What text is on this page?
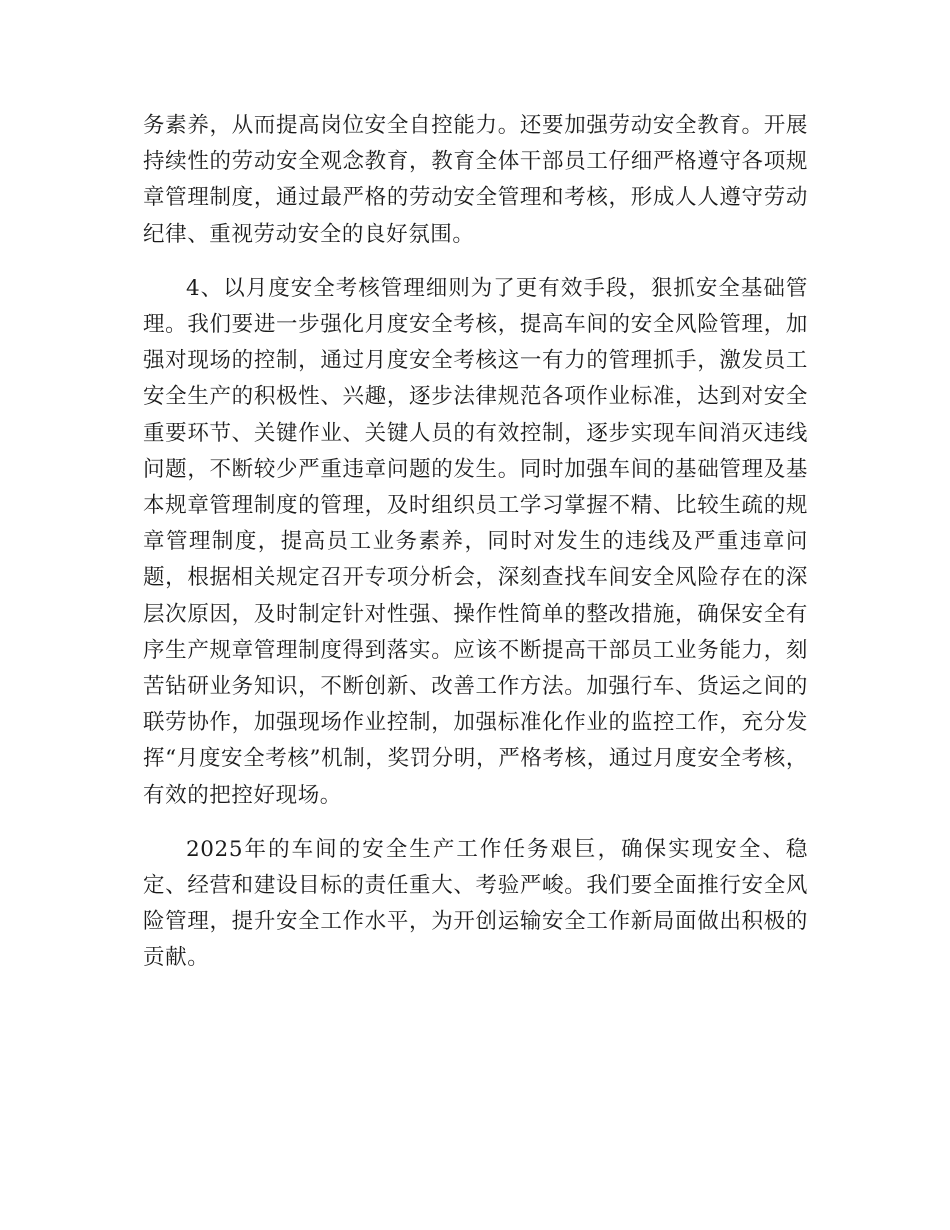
务素养，从而提高岗位安全自控能力。还要加强劳动安全教育。开展持续性的劳动安全观念教育，教育全体干部员工仔细严格遵守各项规章管理制度，通过最严格的劳动安全管理和考核，形成人人遵守劳动纪律、重视劳动安全的良好氛围。

4、以月度安全考核管理细则为了更有效手段，狠抓安全基础管理。我们要进一步强化月度安全考核，提高车间的安全风险管理，加强对现场的控制，通过月度安全考核这一有力的管理抓手，激发员工安全生产的积极性、兴趣，逐步法律规范各项作业标准，达到对安全重要环节、关键作业、关键人员的有效控制，逐步实现车间消灭违线问题，不断较少严重违章问题的发生。同时加强车间的基础管理及基本规章管理制度的管理，及时组织员工学习掌握不精、比较生疏的规章管理制度，提高员工业务素养，同时对发生的违线及严重违章问题，根据相关规定召开专项分析会，深刻查找车间安全风险存在的深层次原因，及时制定针对性强、操作性简单的整改措施，确保安全有序生产规章管理制度得到落实。应该不断提高干部员工业务能力，刻苦钻研业务知识，不断创新、改善工作方法。加强行车、货运之间的联劳协作，加强现场作业控制，加强标准化作业的监控工作，充分发挥“月度安全考核”机制，奖罚分明，严格考核，通过月度安全考核，有效的把控好现场。

2025年的车间的安全生产工作任务艰巨，确保实现安全、稳定、经营和建设目标的责任重大、考验严峻。我们要全面推行安全风险管理，提升安全工作水平，为开创运输安全工作新局面做出积极的贡献。
